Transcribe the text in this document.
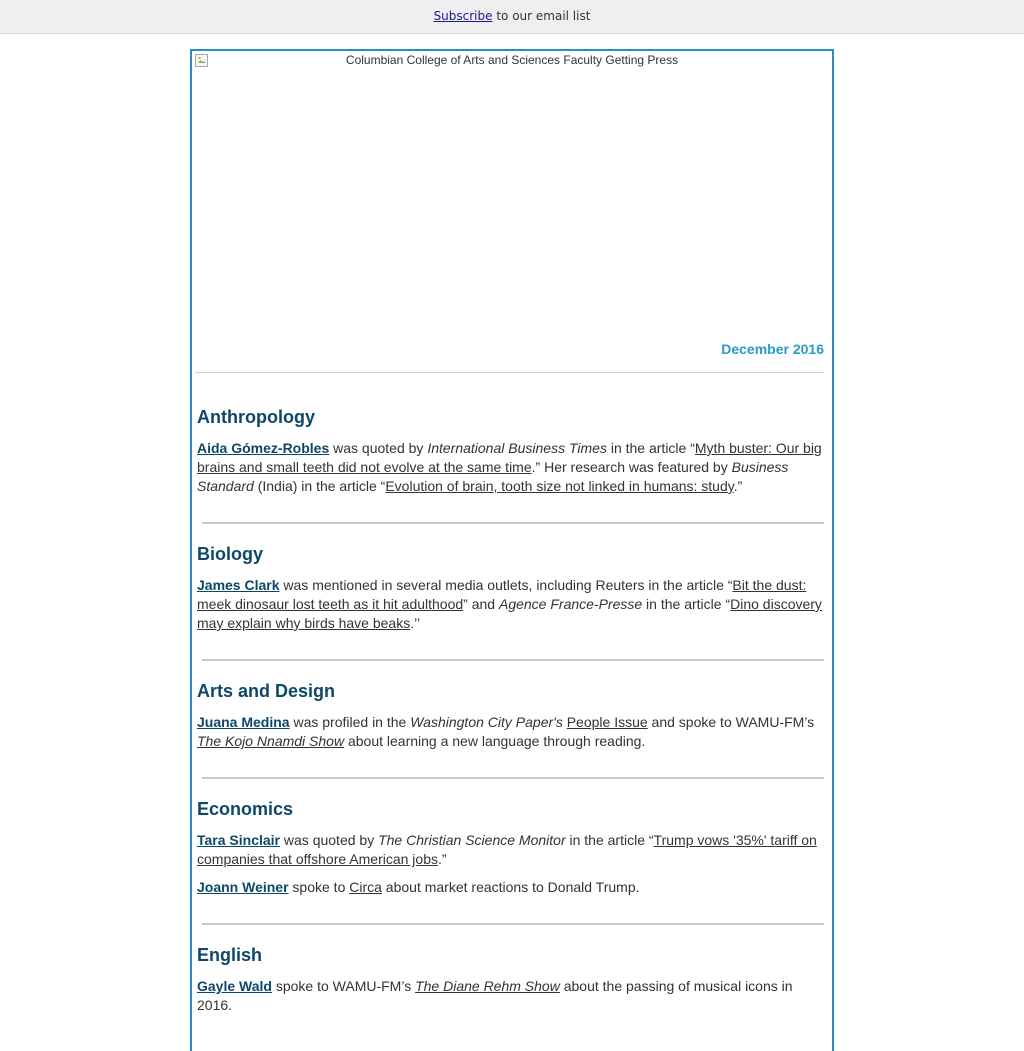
Subscribe to our email list
Columbian College of Arts and Sciences Faculty Getting Press
December 2016
Anthropology

Aida Gómez-Robles was quoted by International Business Times in the article “Myth buster: Our big brains and small teeth did not evolve at the same time.” Her research was featured by Business Standard (India) in the article “Evolution of brain, tooth size not linked in humans: study.”

Biology

James Clark was mentioned in several media outlets, including Reuters in the article “Bit the dust: meek dinosaur lost teeth as it hit adulthood” and Agence France-Presse in the article “Dino discovery may explain why birds have beaks.’’

Arts and Design

Juana Medina was profiled in the Washington City Paper's People Issue and spoke to WAMU-FM’s The Kojo Nnamdi Show about learning a new language through reading.

Economics

Tara Sinclair was quoted by The Christian Science Monitor in the article “Trump vows '35%' tariff on companies that offshore American jobs.”

Joann Weiner spoke to Circa about market reactions to Donald Trump.

English

Gayle Wald spoke to WAMU-FM’s The Diane Rehm Show about the passing of musical icons in 2016.
